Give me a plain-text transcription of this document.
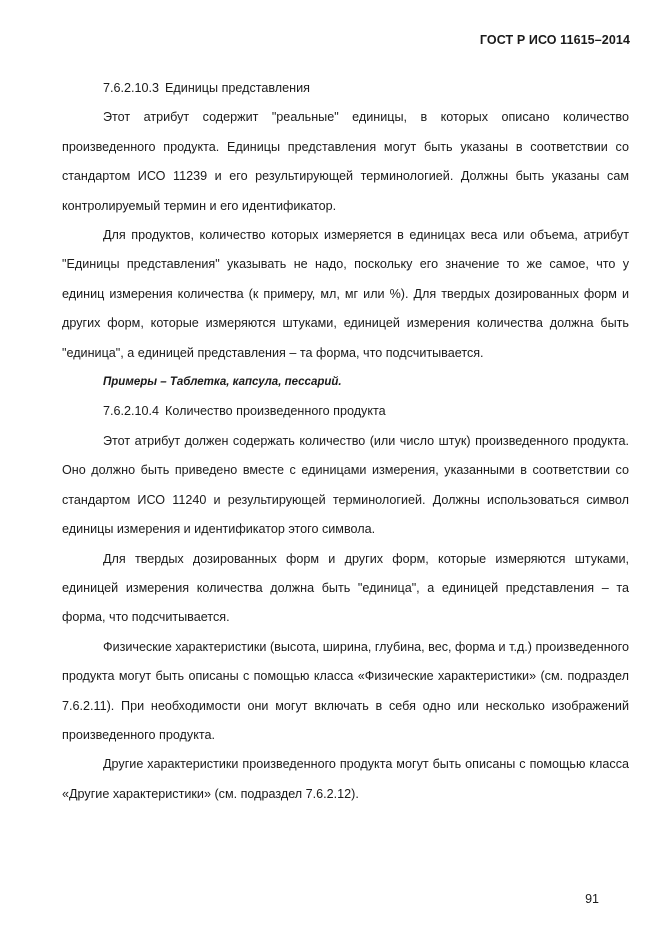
ГОСТ Р ИСО 11615–2014

7.6.2.10.3 Единицы представления

Этот атрибут содержит "реальные" единицы, в которых описано количество произведенного продукта. Единицы представления могут быть указаны в соответствии со стандартом ИСО 11239 и его результирующей терминологией. Должны быть указаны сам контролируемый термин и его идентификатор.

Для продуктов, количество которых измеряется в единицах веса или объема, атрибут "Единицы представления" указывать не надо, поскольку его значение то же самое, что у единиц измерения количества (к примеру, мл, мг или %). Для твердых дозированных форм и других форм, которые измеряются штуками, единицей измерения количества должна быть "единица", а единицей представления – та форма, что подсчитывается.

Примеры – Таблетка, капсула, пессарий.

7.6.2.10.4 Количество произведенного продукта

Этот атрибут должен содержать количество (или число штук) произведенного продукта. Оно должно быть приведено вместе с единицами измерения, указанными в соответствии со стандартом ИСО 11240 и результирующей терминологией. Должны использоваться символ единицы измерения и идентификатор этого символа.

Для твердых дозированных форм и других форм, которые измеряются штуками, единицей измерения количества должна быть "единица", а единицей представления – та форма, что подсчитывается.

Физические характеристики (высота, ширина, глубина, вес, форма и т.д.) произведенного продукта могут быть описаны с помощью класса «Физические характеристики» (см. подраздел 7.6.2.11). При необходимости они могут включать в себя одно или несколько изображений произведенного продукта.

Другие характеристики произведенного продукта могут быть описаны с помощью класса «Другие характеристики» (см. подраздел 7.6.2.12).

91
